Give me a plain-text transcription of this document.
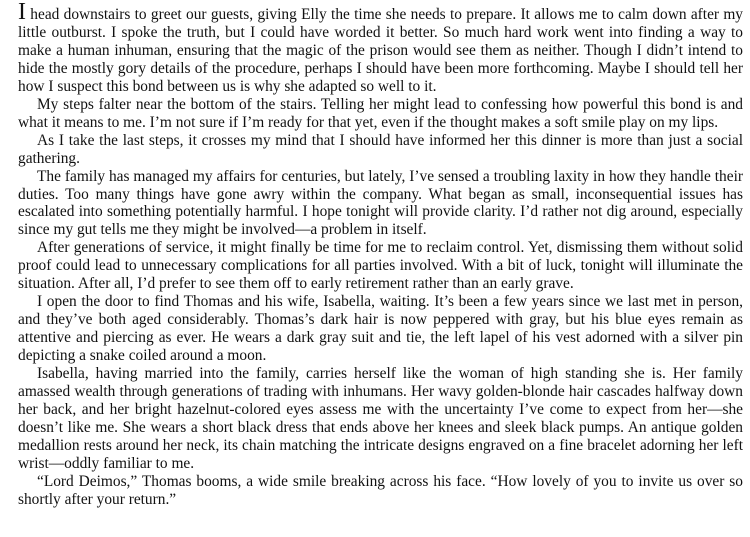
I head downstairs to greet our guests, giving Elly the time she needs to prepare. It allows me to calm down after my little outburst. I spoke the truth, but I could have worded it better. So much hard work went into finding a way to make a human inhuman, ensuring that the magic of the prison would see them as neither. Though I didn’t intend to hide the mostly gory details of the procedure, perhaps I should have been more forthcoming. Maybe I should tell her how I suspect this bond between us is why she adapted so well to it.

My steps falter near the bottom of the stairs. Telling her might lead to confessing how powerful this bond is and what it means to me. I’m not sure if I’m ready for that yet, even if the thought makes a soft smile play on my lips.

As I take the last steps, it crosses my mind that I should have informed her this dinner is more than just a social gathering.

The family has managed my affairs for centuries, but lately, I’ve sensed a troubling laxity in how they handle their duties. Too many things have gone awry within the company. What began as small, inconsequential issues has escalated into something potentially harmful. I hope tonight will provide clarity. I’d rather not dig around, especially since my gut tells me they might be involved—a problem in itself.

After generations of service, it might finally be time for me to reclaim control. Yet, dismissing them without solid proof could lead to unnecessary complications for all parties involved. With a bit of luck, tonight will illuminate the situation. After all, I’d prefer to see them off to early retirement rather than an early grave.

I open the door to find Thomas and his wife, Isabella, waiting. It’s been a few years since we last met in person, and they’ve both aged considerably. Thomas’s dark hair is now peppered with gray, but his blue eyes remain as attentive and piercing as ever. He wears a dark gray suit and tie, the left lapel of his vest adorned with a silver pin depicting a snake coiled around a moon.

Isabella, having married into the family, carries herself like the woman of high standing she is. Her family amassed wealth through generations of trading with inhumans. Her wavy golden-blonde hair cascades halfway down her back, and her bright hazelnut-colored eyes assess me with the uncertainty I’ve come to expect from her—she doesn’t like me. She wears a short black dress that ends above her knees and sleek black pumps. An antique golden medallion rests around her neck, its chain matching the intricate designs engraved on a fine bracelet adorning her left wrist—oddly familiar to me.

“Lord Deimos,” Thomas booms, a wide smile breaking across his face. “How lovely of you to invite us over so shortly after your return.”
